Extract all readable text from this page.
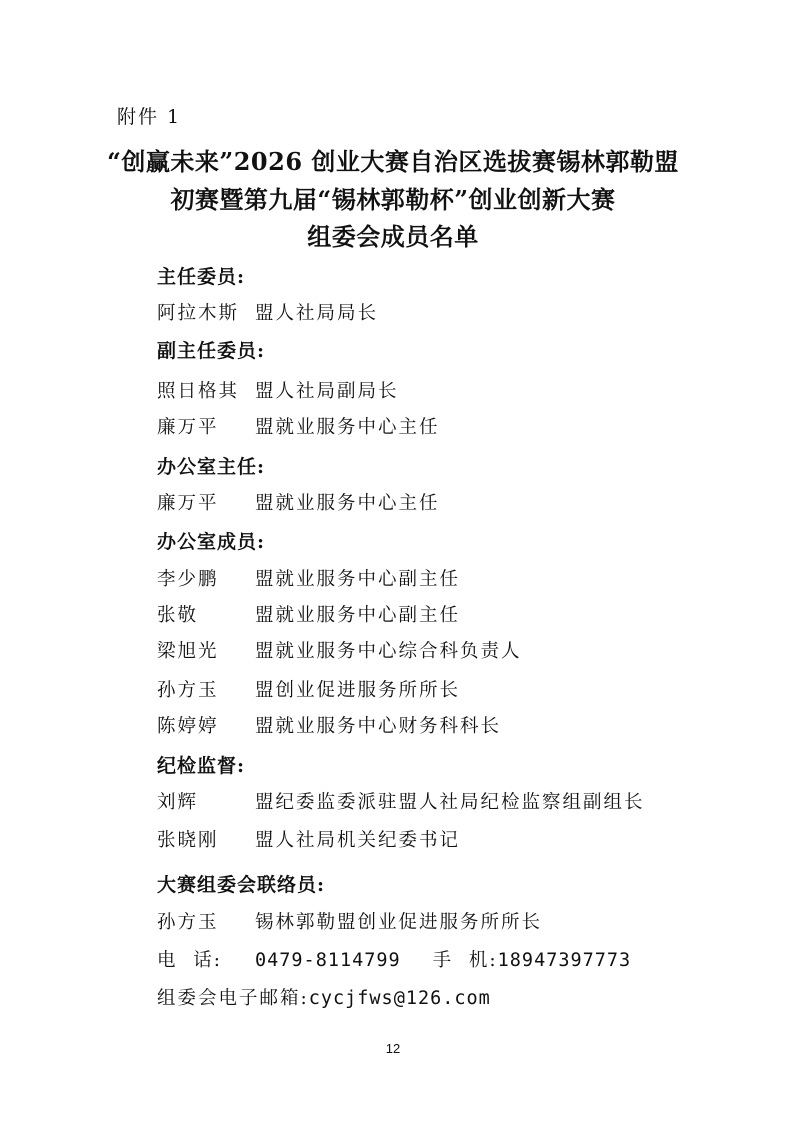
附件 1
“创赢未来”2026 创业大赛自治区选拔赛锡林郭勒盟
初赛暨第九届“锡林郭勒杯”创业创新大赛
组委会成员名单
主任委员:
阿拉木斯 盟人社局局长
副主任委员:
照日格其 盟人社局副局长
廉万平 盟就业服务中心主任
办公室主任:
廉万平 盟就业服务中心主任
办公室成员:
李少鹏 盟就业服务中心副主任
张敬	盟就业服务中心副主任
梁旭光 盟就业服务中心综合科负责人
孙方玉 盟创业促进服务所所长
陈婷婷 盟就业服务中心财务科科长
纪检监督:
刘辉	盟纪委监委派驻盟人社局纪检监察组副组长
张晓刚 盟人社局机关纪委书记
大赛组委会联络员:
孙方玉 锡林郭勒盟创业促进服务所所长
电  话: 0479-8114799 手  机:18947397773
组委会电子邮箱:cycjfws@126.com
12
